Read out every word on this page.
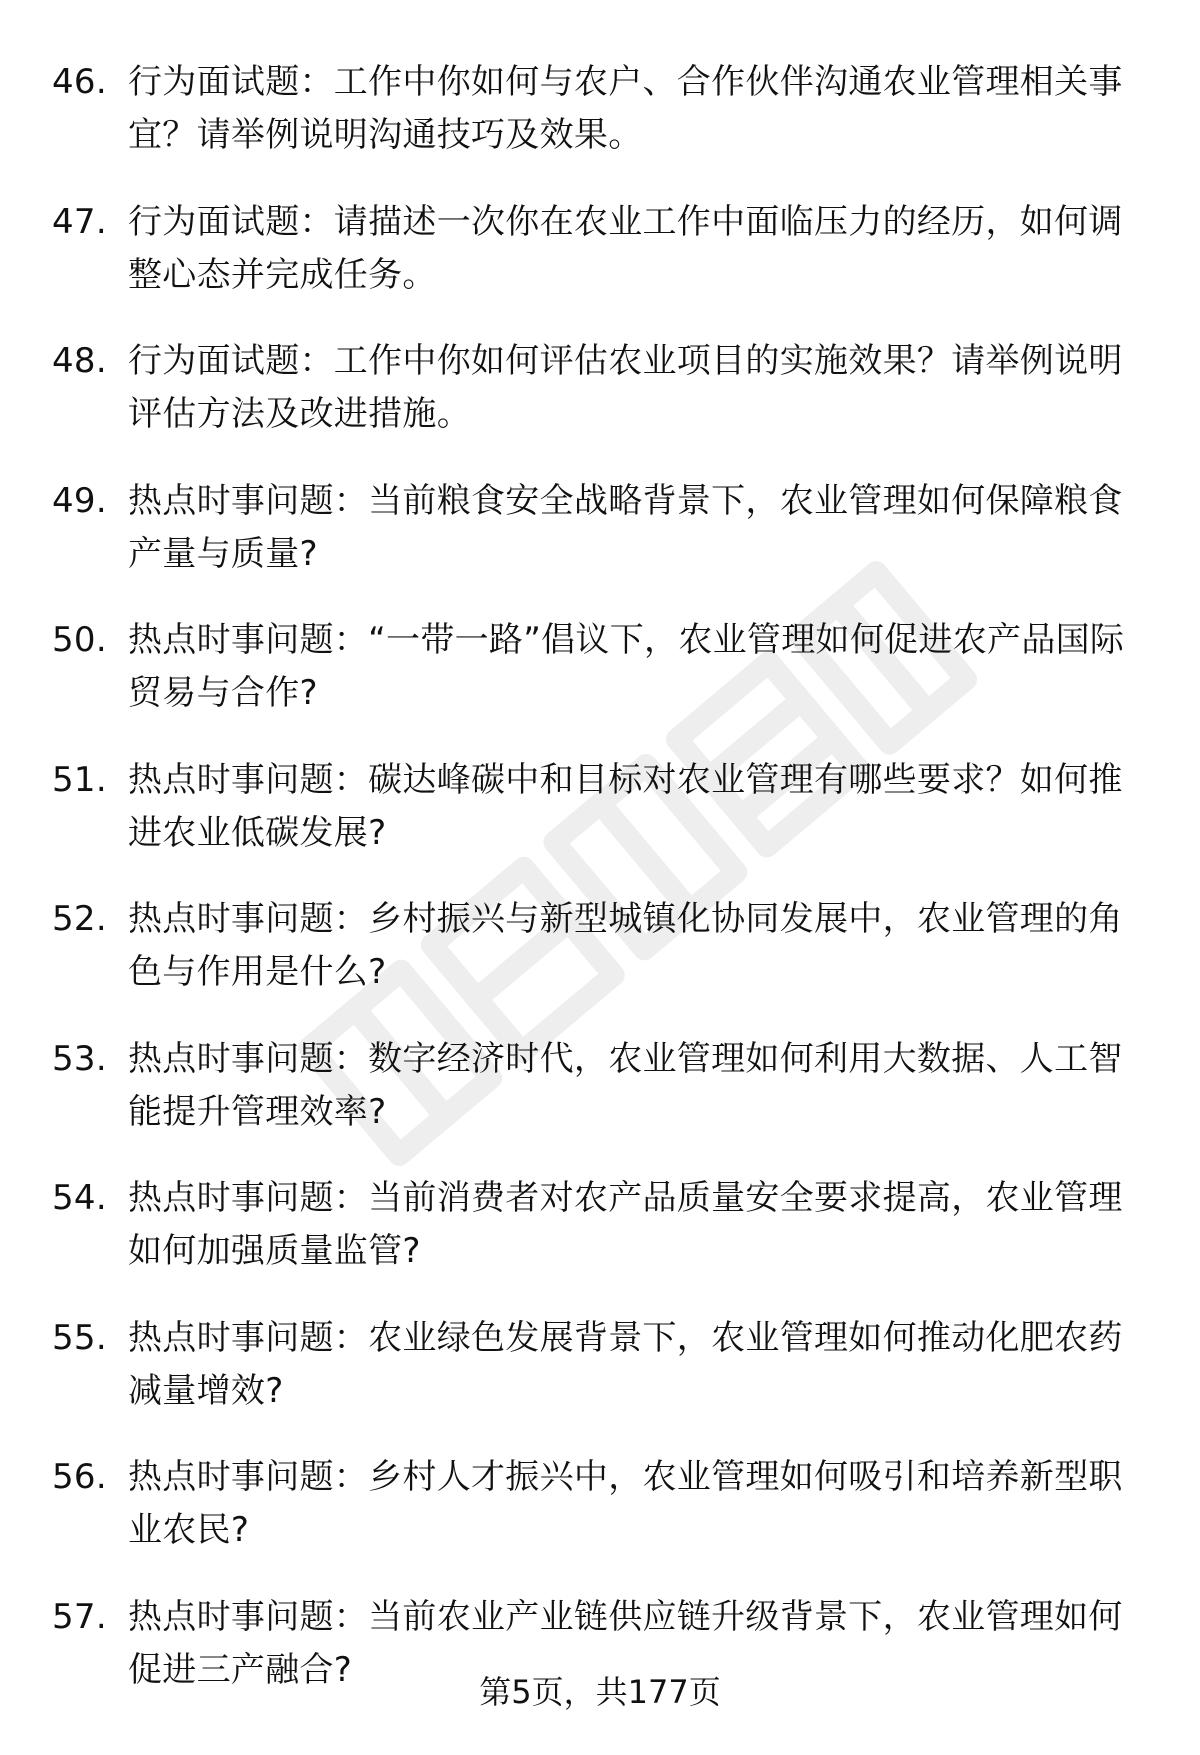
46. 行为面试题：工作中你如何与农户、合作伙伴沟通农业管理相关事宜？请举例说明沟通技巧及效果。
47. 行为面试题：请描述一次你在农业工作中面临压力的经历，如何调整心态并完成任务。
48. 行为面试题：工作中你如何评估农业项目的实施效果？请举例说明评估方法及改进措施。
49. 热点时事问题：当前粮食安全战略背景下，农业管理如何保障粮食产量与质量?
50. 热点时事问题：“一带一路”倡议下，农业管理如何促进农产品国际贸易与合作?
51. 热点时事问题：碳达峰碳中和目标对农业管理有哪些要求？如何推进农业低碳发展?
52. 热点时事问题：乡村振兴与新型城镇化协同发展中，农业管理的角色与作用是什么?
53. 热点时事问题：数字经济时代，农业管理如何利用大数据、人工智能提升管理效率?
54. 热点时事问题：当前消费者对农产品质量安全要求提高，农业管理如何加强质量监管?
55. 热点时事问题：农业绿色发展背景下，农业管理如何推动化肥农药减量增效?
56. 热点时事问题：乡村人才振兴中，农业管理如何吸引和培养新型职业农民?
57. 热点时事问题：当前农业产业链供应链升级背景下，农业管理如何促进三产融合?
第5页，共177页
